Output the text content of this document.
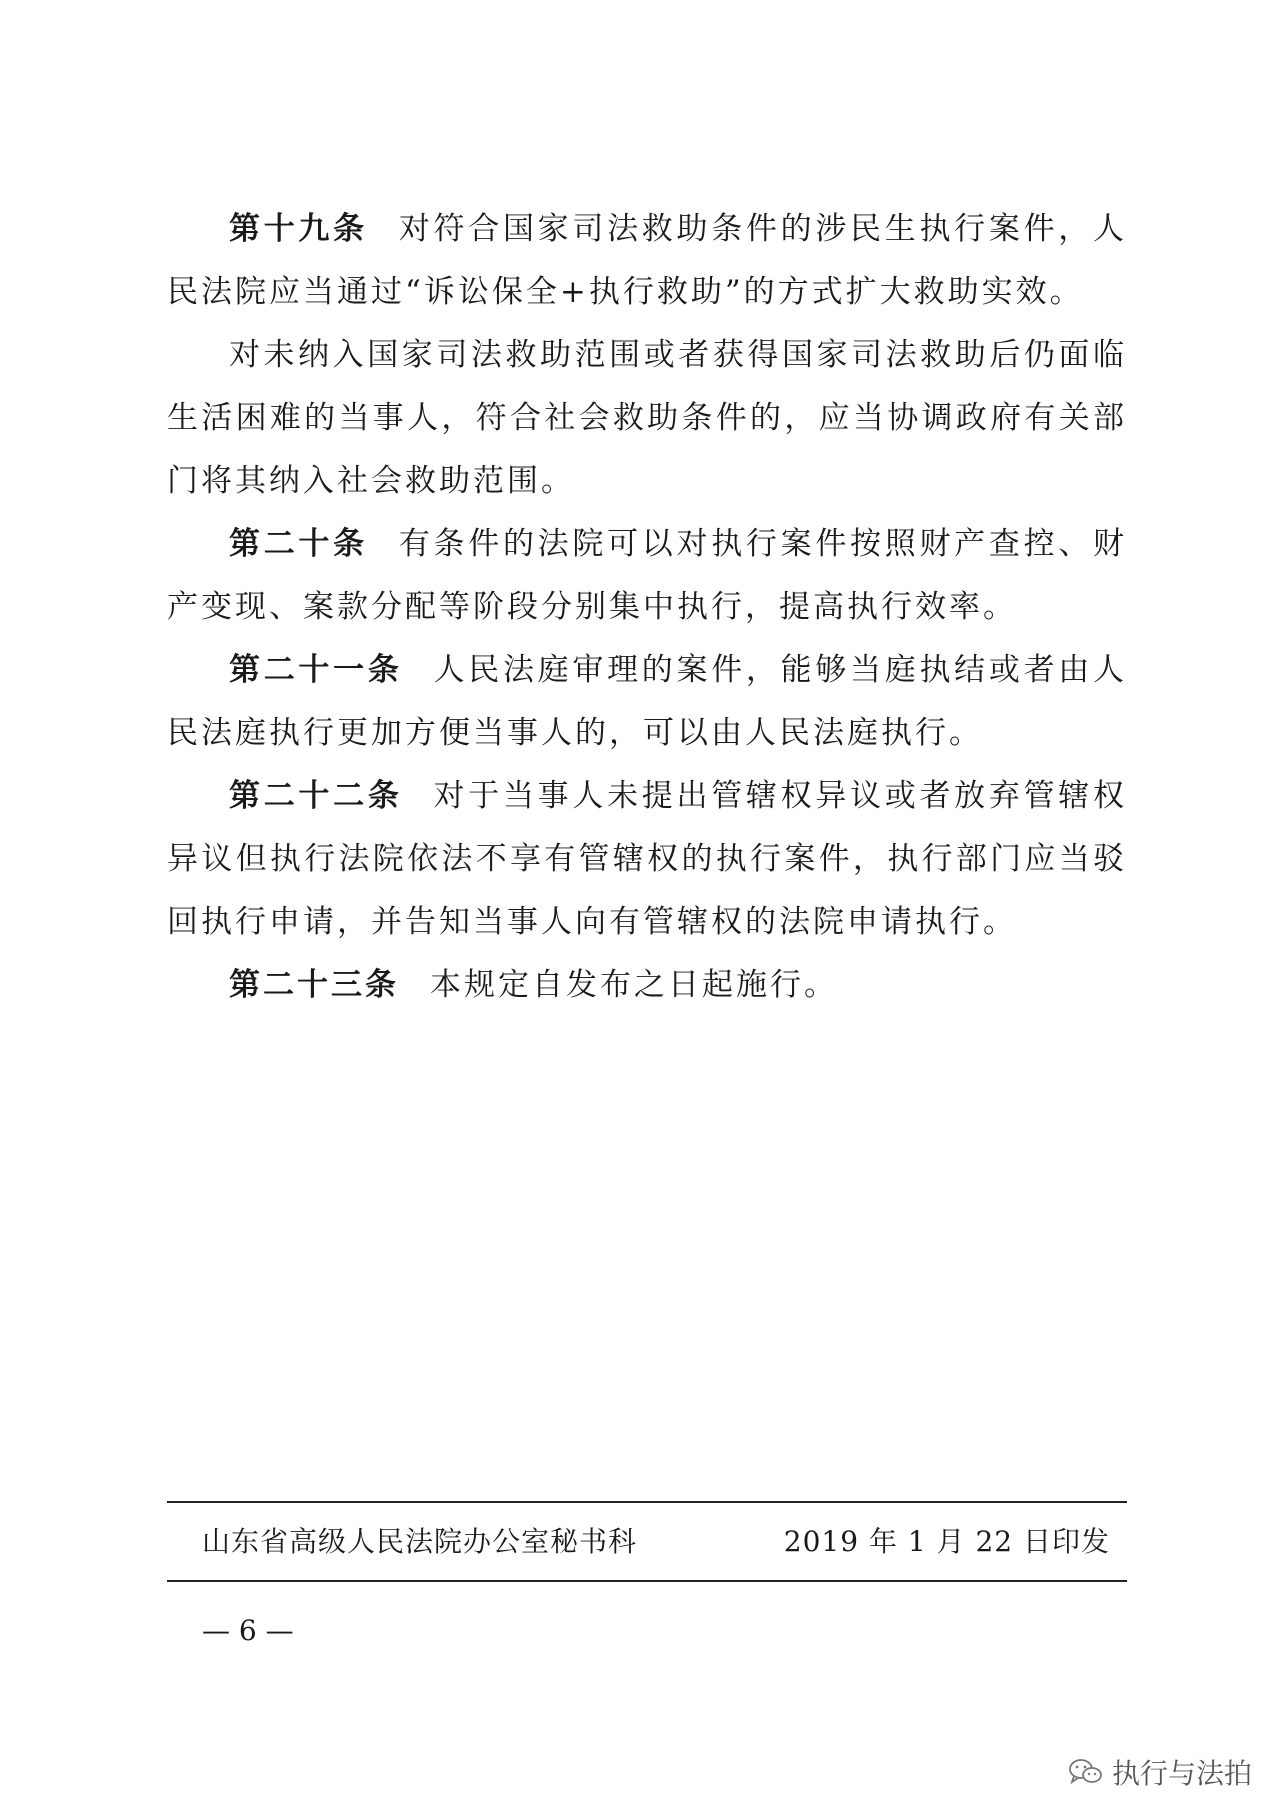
第十九条 对符合国家司法救助条件的涉民生执行案件，人民法院应当通过“诉讼保全+执行救助”的方式扩大救助实效。

对未纳入国家司法救助范围或者获得国家司法救助后仍面临生活困难的当事人，符合社会救助条件的，应当协调政府有关部门将其纳入社会救助范围。

第二十条 有条件的法院可以对执行案件按照财产查控、财产变现、案款分配等阶段分别集中执行，提高执行效率。

第二十一条 人民法庭审理的案件，能够当庭执结或者由人民法庭执行更加方便当事人的，可以由人民法庭执行。

第二十二条 对于当事人未提出管辖权异议或者放弃管辖权异议但执行法院依法不享有管辖权的执行案件，执行部门应当驳回执行申请，并告知当事人向有管辖权的法院申请执行。

第二十三条 本规定自发布之日起施行。

山东省高级人民法院办公室秘书科	2019 年 1 月 22 日印发
— 6 —
执行与法拍
